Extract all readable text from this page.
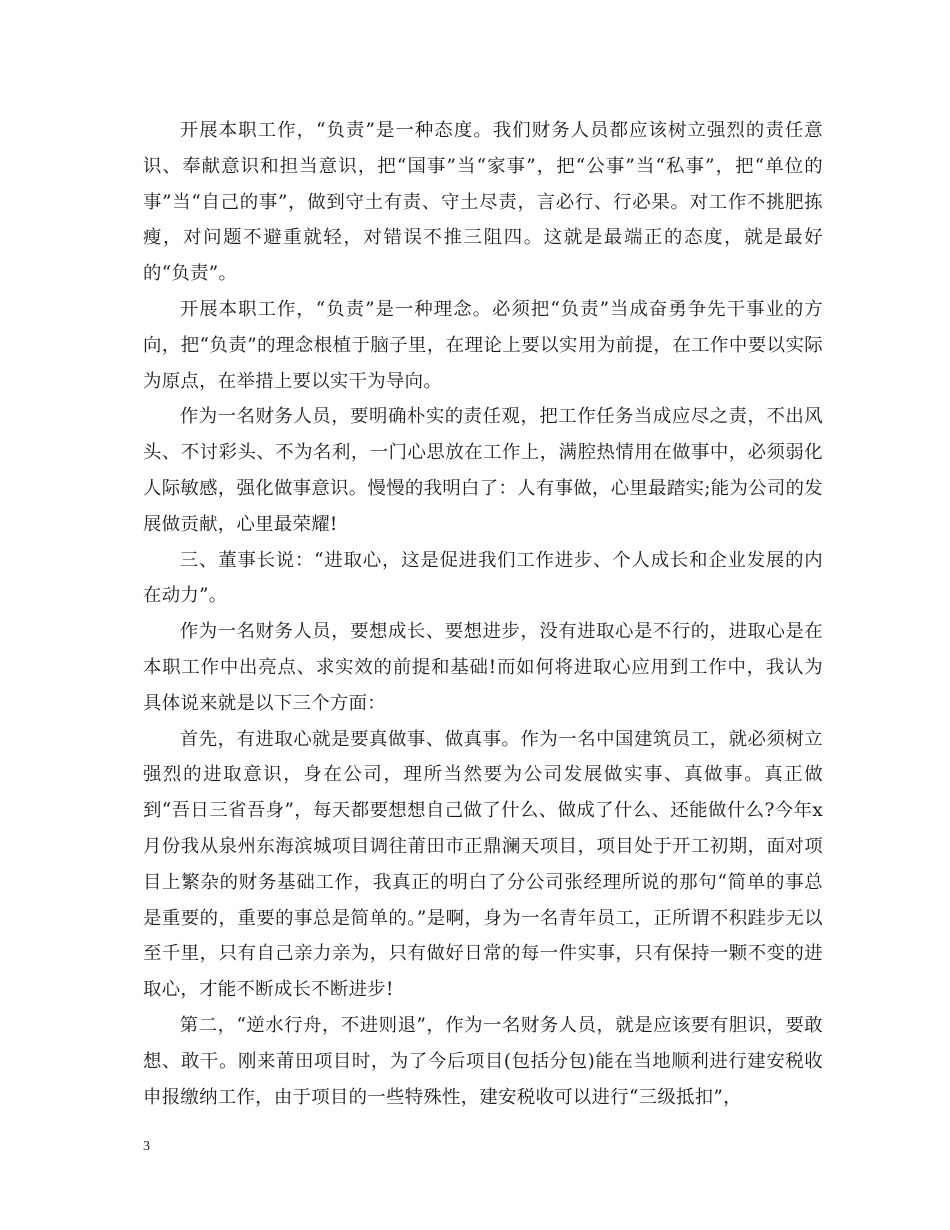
开展本职工作，“负责”是一种态度。我们财务人员都应该树立强烈的责任意识、奉献意识和担当意识，把“国事”当“家事”，把“公事”当“私事”，把“单位的事”当“自己的事”，做到守土有责、守土尽责，言必行、行必果。对工作不挑肥拣瘦，对问题不避重就轻，对错误不推三阻四。这就是最端正的态度，就是最好的“负责”。

开展本职工作，“负责”是一种理念。必须把“负责”当成奋勇争先干事业的方向，把“负责”的理念根植于脑子里，在理论上要以实用为前提，在工作中要以实际为原点，在举措上要以实干为导向。

作为一名财务人员，要明确朴实的责任观，把工作任务当成应尽之责，不出风头、不讨彩头、不为名利，一门心思放在工作上，满腔热情用在做事中，必须弱化人际敏感，强化做事意识。慢慢的我明白了：人有事做，心里最踏实;能为公司的发展做贡献，心里最荣耀!

三、董事长说：“进取心，这是促进我们工作进步、个人成长和企业发展的内在动力”。

作为一名财务人员，要想成长、要想进步，没有进取心是不行的，进取心是在本职工作中出亮点、求实效的前提和基础!而如何将进取心应用到工作中，我认为具体说来就是以下三个方面：

首先，有进取心就是要真做事、做真事。作为一名中国建筑员工，就必须树立强烈的进取意识，身在公司，理所当然要为公司发展做实事、真做事。真正做到“吾日三省吾身”，每天都要想想自己做了什么、做成了什么、还能做什么?今年x月份我从泉州东海滨城项目调往莆田市正鼎澜天项目，项目处于开工初期，面对项目上繁杂的财务基础工作，我真正的明白了分公司张经理所说的那句“简单的事总是重要的，重要的事总是简单的。”是啊，身为一名青年员工，正所谓不积跬步无以至千里，只有自己亲力亲为，只有做好日常的每一件实事，只有保持一颗不变的进取心，才能不断成长不断进步!

第二，“逆水行舟，不进则退”，作为一名财务人员，就是应该要有胆识，要敢想、敢干。刚来莆田项目时，为了今后项目(包括分包)能在当地顺利进行建安税收申报缴纳工作，由于项目的一些特殊性，建安税收可以进行“三级抵扣”，

3
